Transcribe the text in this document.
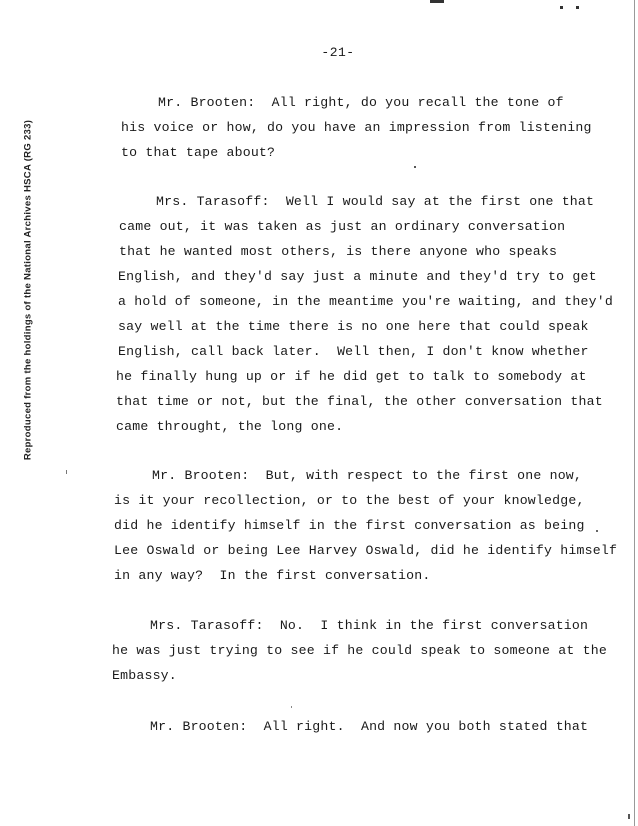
-21-
Reproduced from the holdings of the National Archives HSCA (RG 233)
Mr. Brooten:  All right, do you recall the tone of
his voice or how, do you have an impression from listening
to that tape about?
Mrs. Tarasoff:  Well I would say at the first one that
came out, it was taken as just an ordinary conversation
that he wanted most others, is there anyone who speaks
English, and they'd say just a minute and they'd try to get
a hold of someone, in the meantime you're waiting, and they'd
say well at the time there is no one here that could speak
English, call back later.  Well then, I don't know whether
he finally hung up or if he did get to talk to somebody at
that time or not, but the final, the other conversation that
came throught, the long one.
Mr. Brooten:  But, with respect to the first one now,
is it your recollection, or to the best of your knowledge,
did he identify himself in the first conversation as being
Lee Oswald or being Lee Harvey Oswald, did he identify himself
in any way?  In the first conversation.
Mrs. Tarasoff:  No.  I think in the first conversation
he was just trying to see if he could speak to someone at the
Embassy.
Mr. Brooten:  All right.  And now you both stated that
